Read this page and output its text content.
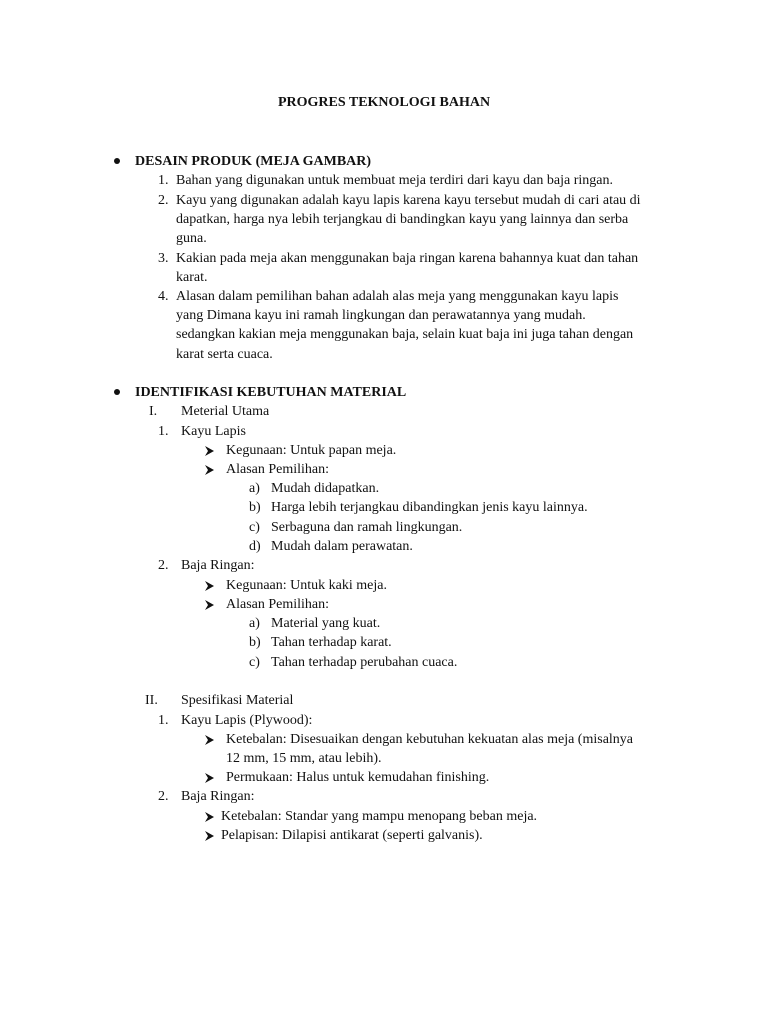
PROGRES TEKNOLOGI BAHAN
DESAIN PRODUK (MEJA GAMBAR)
1. Bahan yang digunakan untuk membuat meja terdiri dari kayu dan baja ringan.
2. Kayu yang digunakan adalah kayu lapis karena kayu tersebut mudah di cari atau di
dapatkan, harga nya lebih terjangkau di bandingkan kayu yang lainnya dan serba
guna.
3. Kakian pada meja akan menggunakan baja ringan karena bahannya kuat dan tahan
karat.
4. Alasan dalam pemilihan bahan adalah alas meja yang menggunakan kayu lapis
yang Dimana kayu ini ramah lingkungan dan perawatannya yang mudah.
sedangkan kakian meja menggunakan baja, selain kuat baja ini juga tahan dengan
karat serta cuaca.
IDENTIFIKASI KEBUTUHAN MATERIAL
I. Meterial Utama
1. Kayu Lapis
Kegunaan: Untuk papan meja.
Alasan Pemilihan:
a) Mudah didapatkan.
b) Harga lebih terjangkau dibandingkan jenis kayu lainnya.
c) Serbaguna dan ramah lingkungan.
d) Mudah dalam perawatan.
2. Baja Ringan:
Kegunaan: Untuk kaki meja.
Alasan Pemilihan:
a) Material yang kuat.
b) Tahan terhadap karat.
c) Tahan terhadap perubahan cuaca.
II. Spesifikasi Material
1. Kayu Lapis (Plywood):
Ketebalan: Disesuaikan dengan kebutuhan kekuatan alas meja (misalnya
12 mm, 15 mm, atau lebih).
Permukaan: Halus untuk kemudahan finishing.
2. Baja Ringan:
Ketebalan: Standar yang mampu menopang beban meja.
Pelapisan: Dilapisi antikarat (seperti galvanis).
